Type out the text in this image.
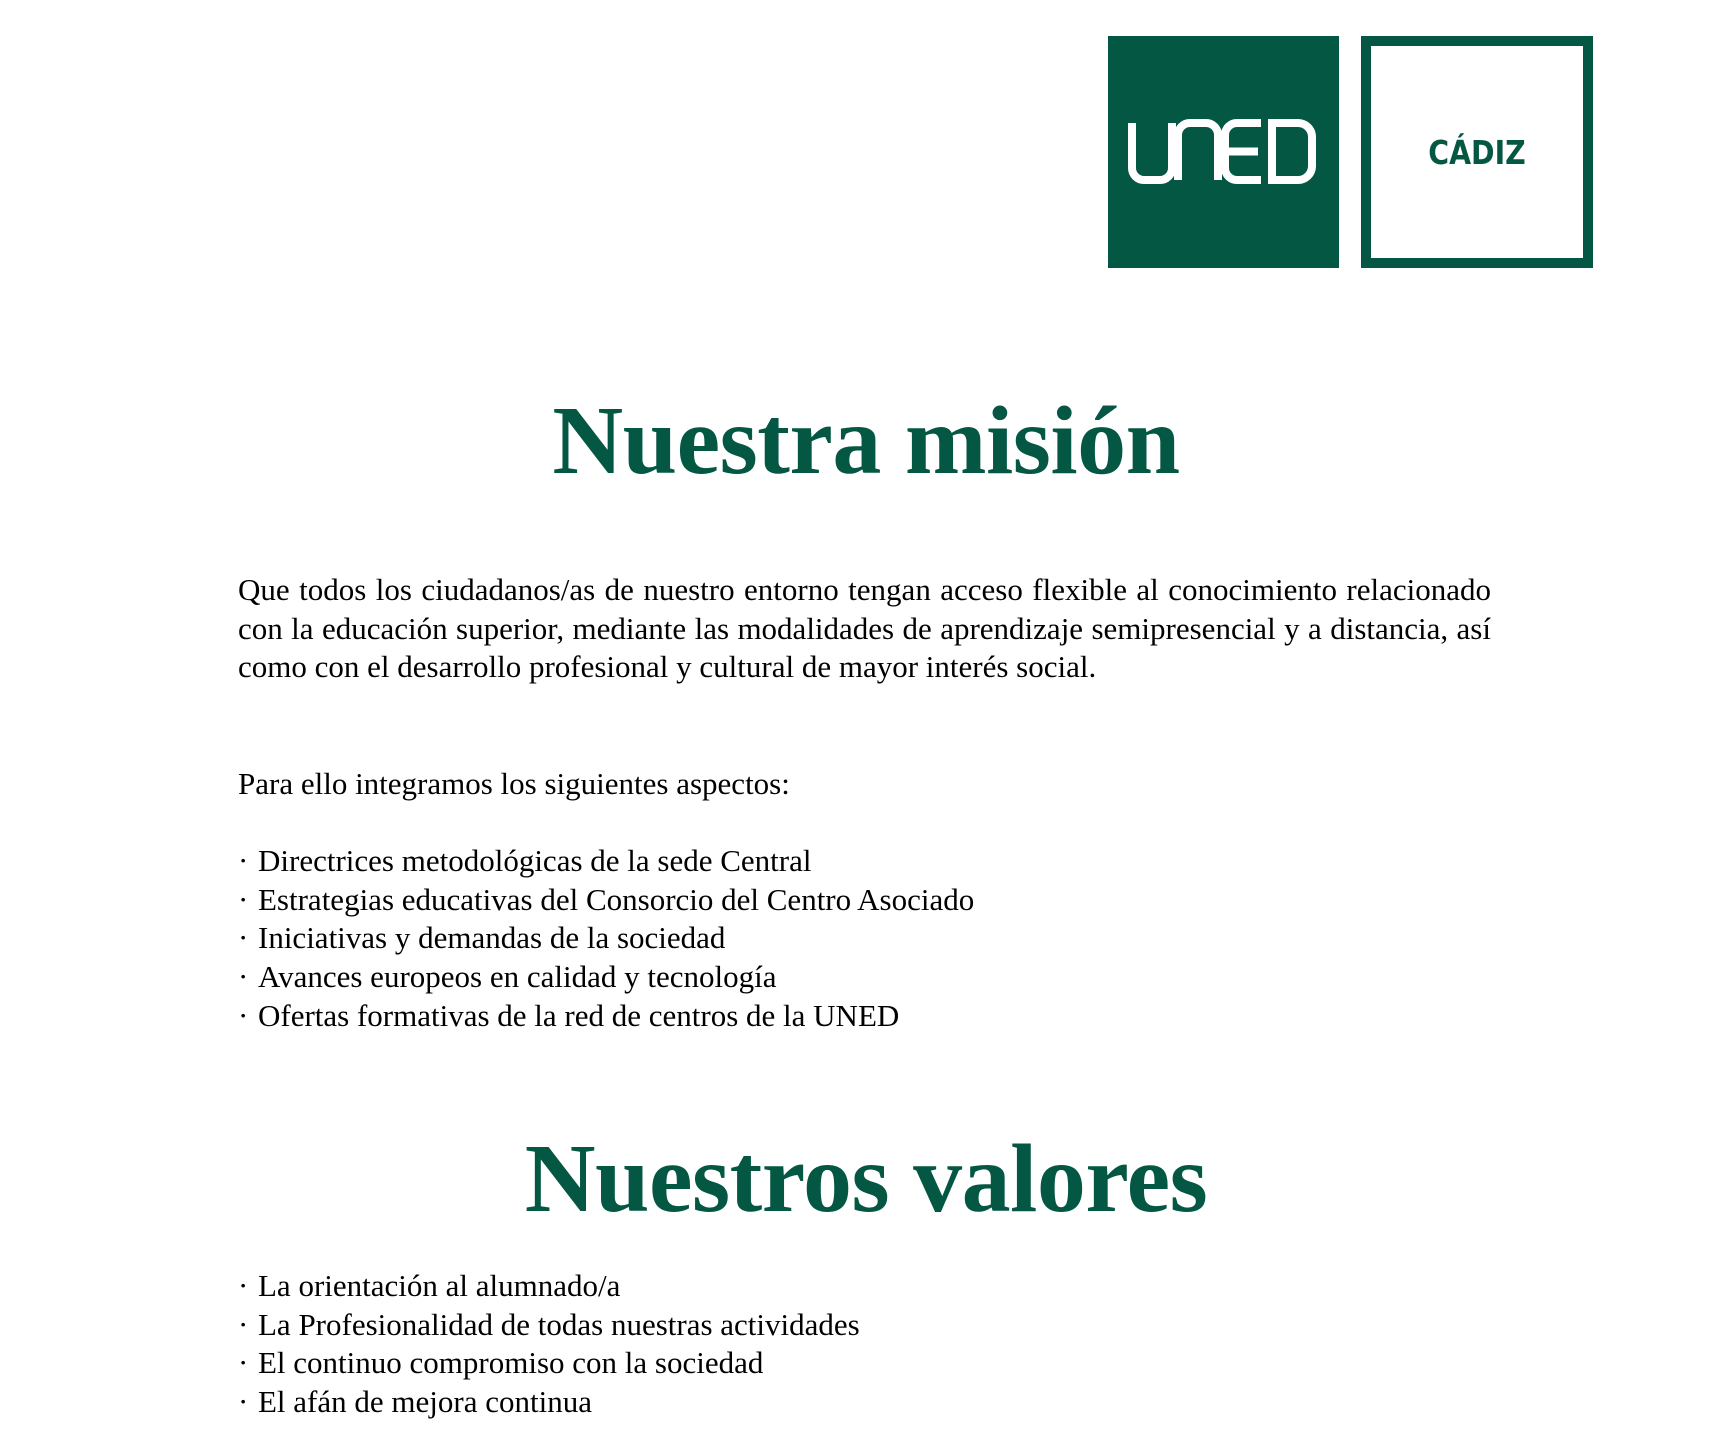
UNED
CÁDIZ
Nuestra misión

Que todos los ciudadanos/as de nuestro entorno tengan acceso flexible al conocimiento relacionado con la educación superior, mediante las modalidades de aprendizaje semipresencial y a distancia, así como con el desarrollo profesional y cultural de mayor interés social.

Para ello integramos los siguientes aspectos:

· Directrices metodológicas de la sede Central
· Estrategias educativas del Consorcio del Centro Asociado
· Iniciativas y demandas de la sociedad
· Avances europeos en calidad y tecnología
· Ofertas formativas de la red de centros de la UNED
Nuestros valores
· La orientación al alumnado/a
· La Profesionalidad de todas nuestras actividades
· El continuo compromiso con la sociedad
· El afán de mejora continua
